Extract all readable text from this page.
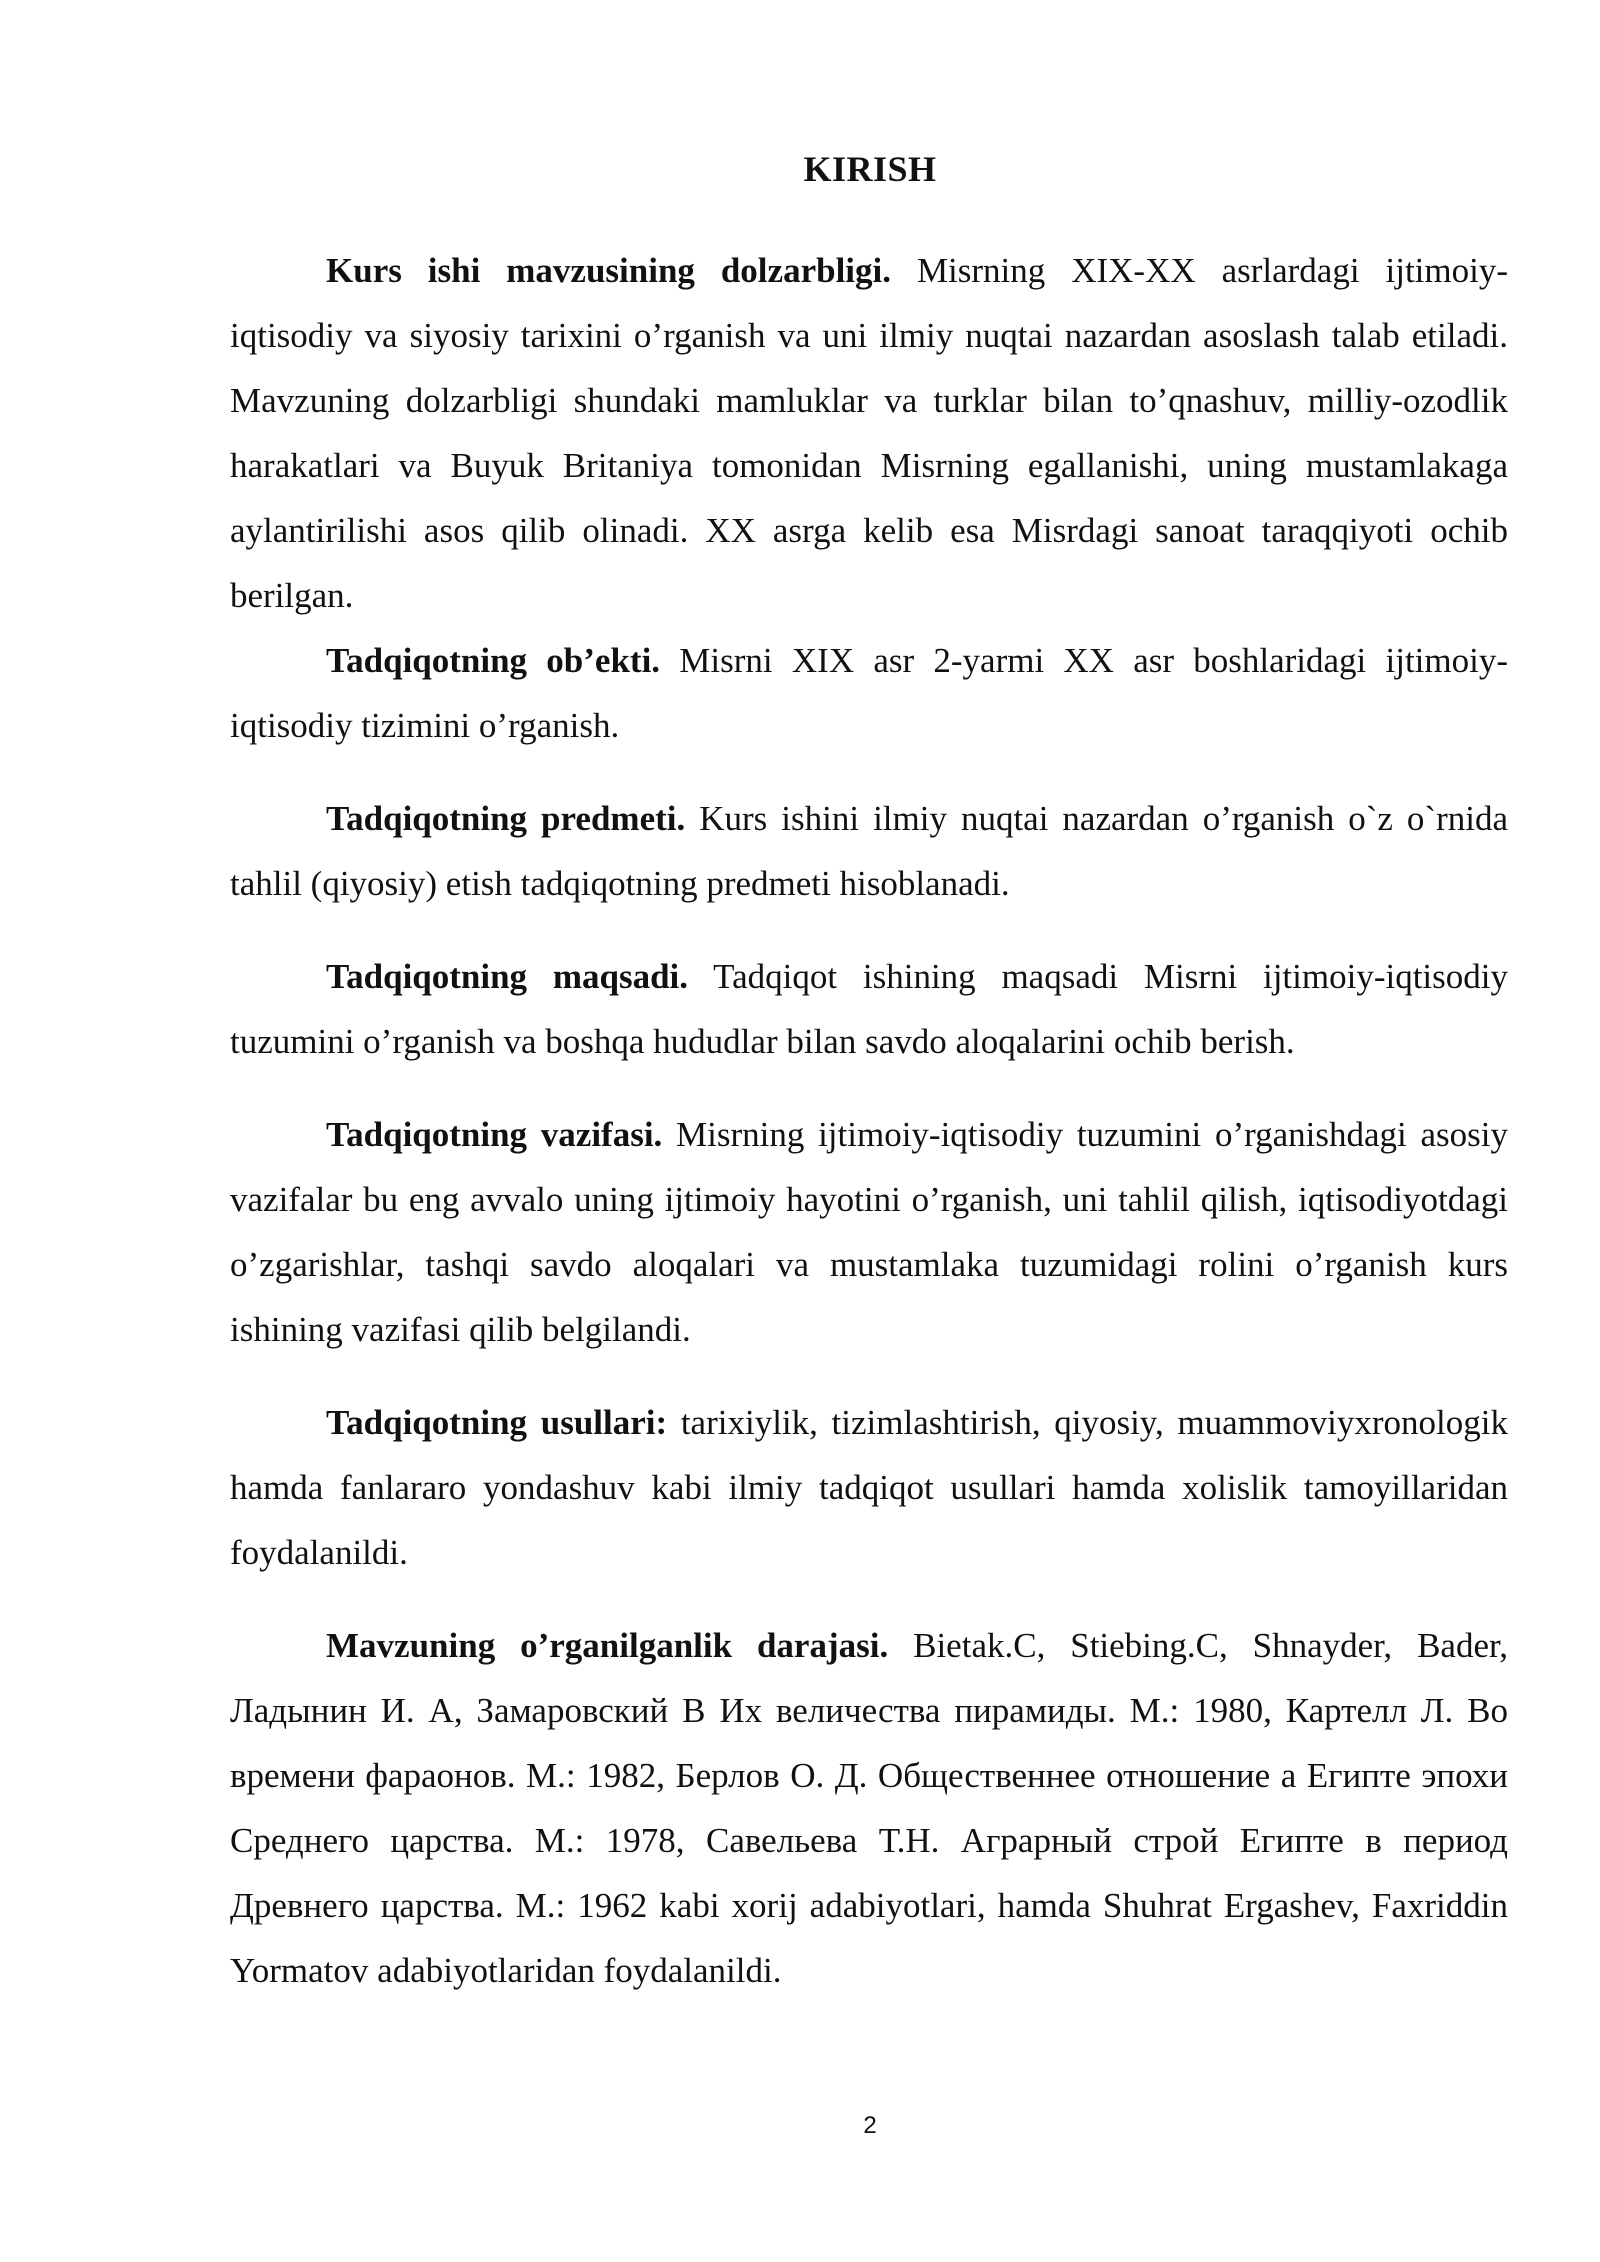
KIRISH

Kurs ishi mavzusining dolzarbligi. Misrning XIX-XX asrlardagi ijtimoiy-iqtisodiy va siyosiy tarixini o’rganish va uni ilmiy nuqtai nazardan asoslash talab etiladi. Mavzuning dolzarbligi shundaki mamluklar va turklar bilan to’qnashuv, milliy-ozodlik harakatlari va Buyuk Britaniya tomonidan Misrning egallanishi, uning mustamlakaga aylantirilishi asos qilib olinadi. XX asrga kelib esa Misrdagi sanoat taraqqiyoti ochib berilgan.

Tadqiqotning ob’ekti. Misrni XIX asr 2-yarmi XX asr boshlaridagi ijtimoiy-iqtisodiy tizimini o’rganish.

Tadqiqotning predmeti. Kurs ishini ilmiy nuqtai nazardan o’rganish o`z o`rnida tahlil (qiyosiy) etish tadqiqotning predmeti hisoblanadi.

Tadqiqotning maqsadi. Tadqiqot ishining maqsadi Misrni ijtimoiy-iqtisodiy tuzumini o’rganish va boshqa hududlar bilan savdo aloqalarini ochib berish.

Tadqiqotning vazifasi. Misrning ijtimoiy-iqtisodiy tuzumini o’rganishdagi asosiy vazifalar bu eng avvalo uning ijtimoiy hayotini o’rganish, uni tahlil qilish, iqtisodiyotdagi o’zgarishlar, tashqi savdo aloqalari va mustamlaka tuzumidagi rolini o’rganish kurs ishining vazifasi qilib belgilandi.

Tadqiqotning usullari: tarixiylik, tizimlashtirish, qiyosiy, muammoviyxronologik hamda fanlararo yondashuv kabi ilmiy tadqiqot usullari hamda xolislik tamoyillaridan foydalanildi.

Mavzuning o’rganilganlik darajasi. Bietak.C, Stiebing.C, Shnayder, Bader, Ладынин И. А, Замаровский В Их величества пирамиды. М.: 1980, Картелл Л. Во времени фараонов. М.: 1982, Берлов О. Д. Общественнее отношение а Египте эпохи Среднего царства. М.: 1978, Савельева Т.Н. Аграрный строй Египте в период Древнего царства. М.: 1962 kabi xorij adabiyotlari, hamda Shuhrat Ergashev, Faxriddin Yormatov adabiyotlaridan foydalanildi.

2
